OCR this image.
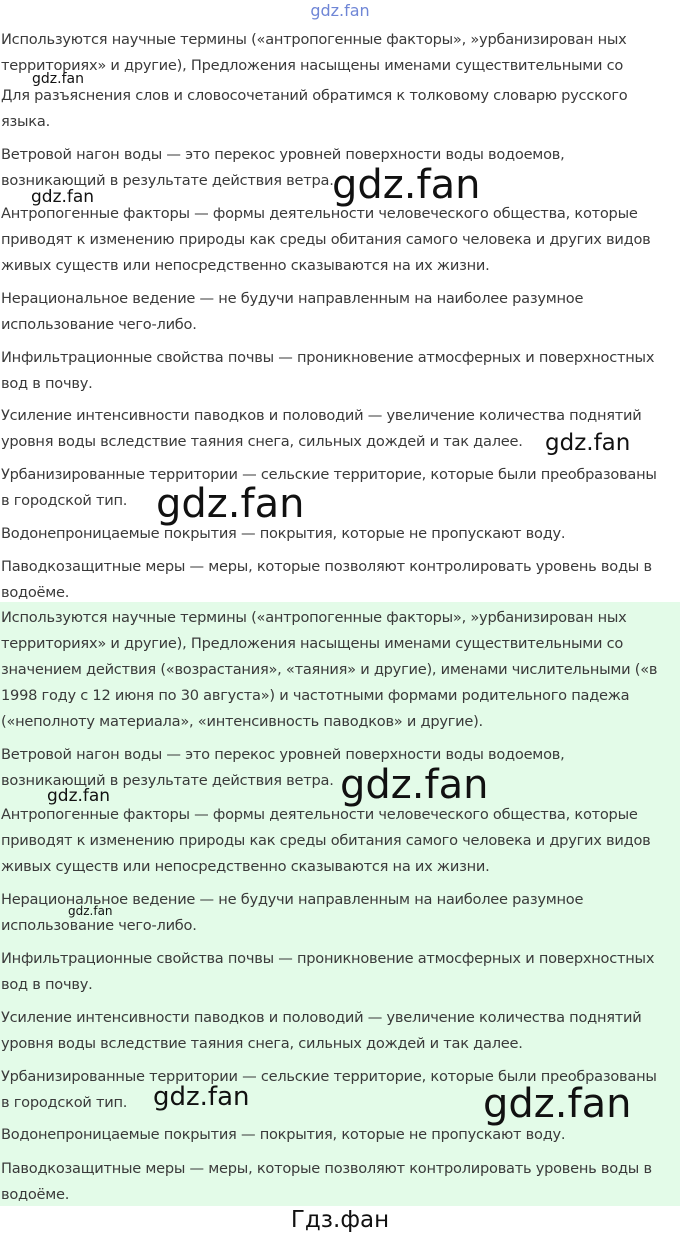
gdz.fan

Используются научные термины («антропогенные факторы», »урбанизирован ных
территориях» и другие), Предложения насыщены именами существительными со

Для разъяснения слов и словосочетаний обратимся к толковому словарю русского
языка.

Ветровой нагон воды — это перекос уровней поверхности воды водоемов,
возникающий в результате действия ветра.

Антропогенные факторы — формы деятельности человеческого общества, которые
приводят к изменению природы как среды обитания самого человека и других видов
живых существ или непосредственно сказываются на их жизни.

Нерациональное ведение — не будучи направленным на наиболее разумное
использование чего-либо.

Инфильтрационные свойства почвы — проникновение атмосферных и поверхностных
вод в почву.

Усиление интенсивности паводков и половодий — увеличение количества поднятий
уровня воды вследствие таяния снега, сильных дождей и так далее.

Урбанизированные территории — сельские территорие, которые были преобразованы
в городской тип.

Водонепроницаемые покрытия — покрытия, которые не пропускают воду.

Паводкозащитные меры — меры, которые позволяют контролировать уровень воды в
водоёме.

Используются научные термины («антропогенные факторы», »урбанизирован ных
территориях» и другие), Предложения насыщены именами существительными со
значением действия («возрастания», «таяния» и другие), именами числительными («в
1998 году с 12 июня по 30 августа») и частотными формами родительного падежа
(«неполноту материала», «интенсивность паводков» и другие).

Ветровой нагон воды — это перекос уровней поверхности воды водоемов,
возникающий в результате действия ветра.

Антропогенные факторы — формы деятельности человеческого общества, которые
приводят к изменению природы как среды обитания самого человека и других видов
живых существ или непосредственно сказываются на их жизни.

Нерациональное ведение — не будучи направленным на наиболее разумное
использование чего-либо.

Инфильтрационные свойства почвы — проникновение атмосферных и поверхностных
вод в почву.

Усиление интенсивности паводков и половодий — увеличение количества поднятий
уровня воды вследствие таяния снега, сильных дождей и так далее.

Урбанизированные территории — сельские территорие, которые были преобразованы
в городской тип.

Водонепроницаемые покрытия — покрытия, которые не пропускают воду.

Паводкозащитные меры — меры, которые позволяют контролировать уровень воды в
водоёме.

gdz.fan
gdz.fan
gdz.fan
gdz.fan
gdz.fan
gdz.fan
gdz.fan
gdz.fan
gdz.fan	gdz.fan
Гдз.фан
